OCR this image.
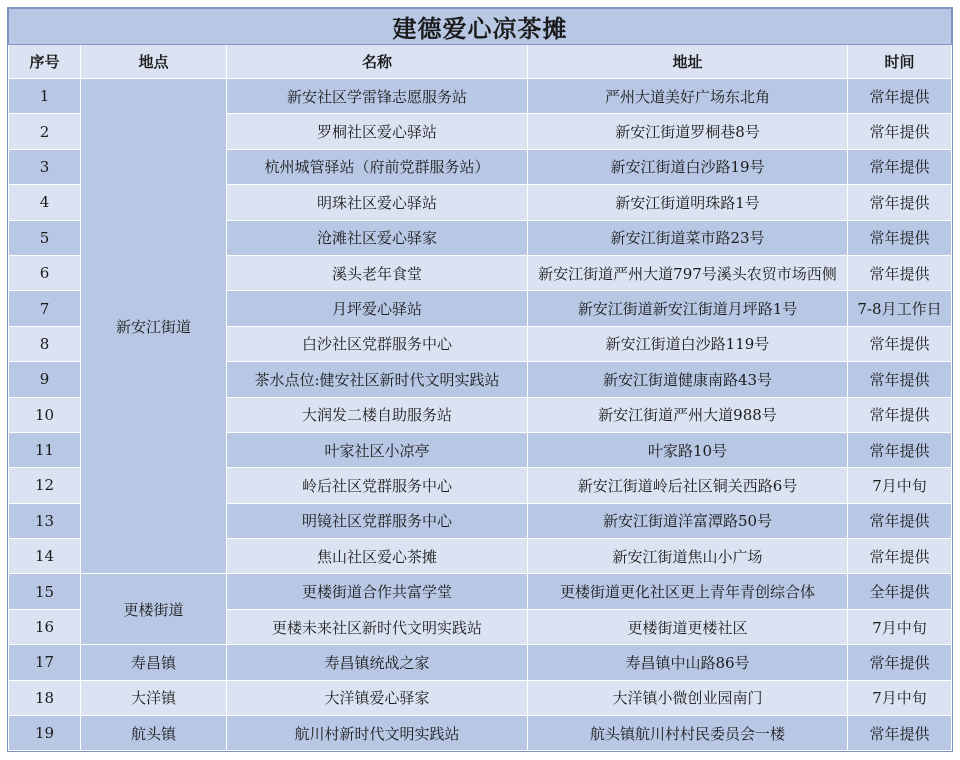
建德爱心凉茶摊				
序号	地点	名称	地址	时间
1	新安江街道	新安社区学雷锋志愿服务站	严州大道美好广场东北角	常年提供
2		罗桐社区爱心驿站	新安江街道罗桐巷8号	常年提供
3		杭州城管驿站（府前党群服务站）	新安江街道白沙路19号	常年提供
4		明珠社区爱心驿站	新安江街道明珠路1号	常年提供
5		沧滩社区爱心驿家	新安江街道菜市路23号	常年提供
6		溪头老年食堂	新安江街道严州大道797号溪头农贸市场西侧	常年提供
7		月坪爱心驿站	新安江街道新安江街道月坪路1号	7-8月工作日
8		白沙社区党群服务中心	新安江街道白沙路119号	常年提供
9		茶水点位:健安社区新时代文明实践站	新安江街道健康南路43号	常年提供
10		大润发二楼自助服务站	新安江街道严州大道988号	常年提供
11		叶家社区小凉亭	叶家路10号	常年提供
12		岭后社区党群服务中心	新安江街道岭后社区铜关西路6号	7月中旬
13		明镜社区党群服务中心	新安江街道洋富潭路50号	常年提供
14		焦山社区爱心茶摊	新安江街道焦山小广场	常年提供
15	更楼街道	更楼街道合作共富学堂	更楼街道更化社区更上青年青创综合体	全年提供
16		更楼未来社区新时代文明实践站	更楼街道更楼社区	7月中旬
17	寿昌镇	寿昌镇统战之家	寿昌镇中山路86号	常年提供
18	大洋镇	大洋镇爱心驿家	大洋镇小微创业园南门	7月中旬
19	航头镇	航川村新时代文明实践站	航头镇航川村村民委员会一楼	常年提供
